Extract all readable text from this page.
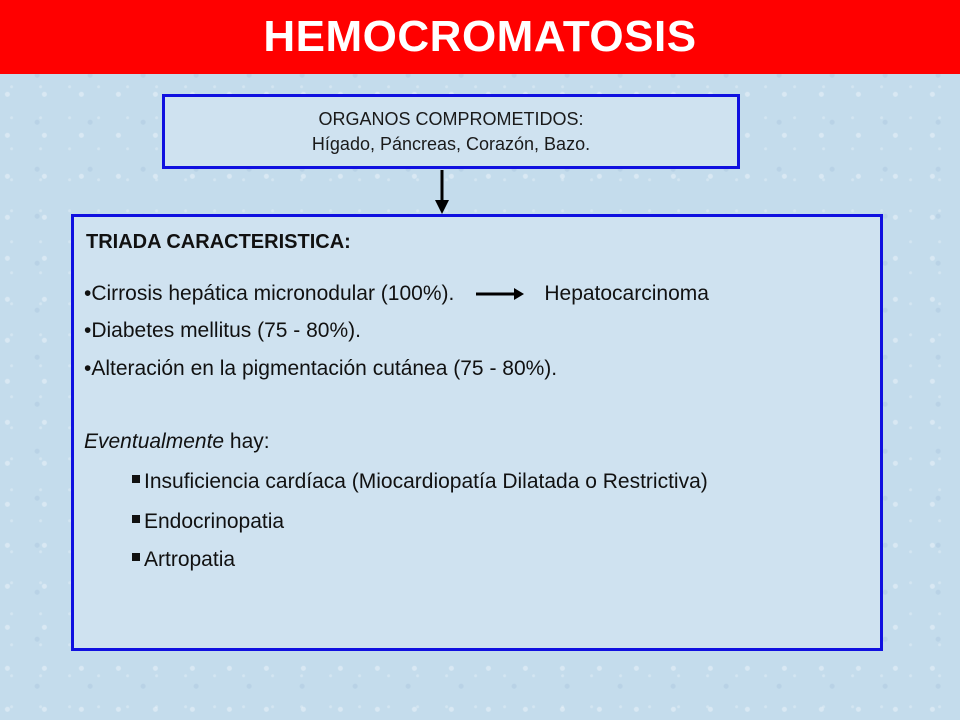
HEMOCROMATOSIS
ORGANOS COMPROMETIDOS:
Hígado, Páncreas, Corazón, Bazo.
TRIADA CARACTERISTICA:
•Cirrosis hepática micronodular (100%).	Hepatocarcinoma
•Diabetes mellitus (75 - 80%).
•Alteración en la pigmentación cutánea (75 - 80%).
Eventualmente hay:
Insuficiencia cardíaca (Miocardiopatía Dilatada o Restrictiva)
Endocrinopatia
Artropatia
